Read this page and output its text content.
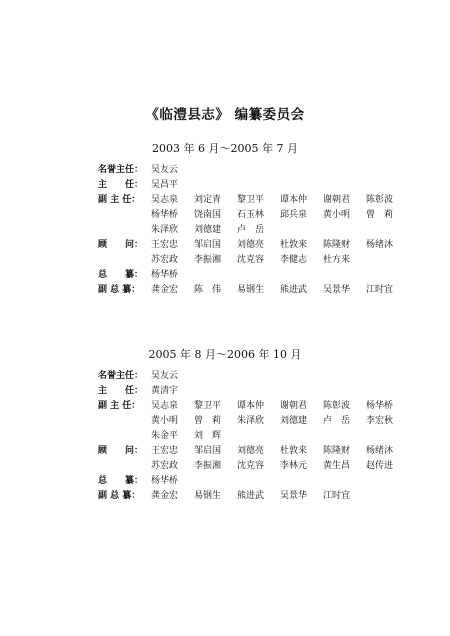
《临澧县志》 编纂委员会
2003 年 6 月～2005 年 7 月
名誉主任： 吴友云
主　　任： 吴昌平
副 主 任：	吴志泉	刘定青	黎卫平	谭本仲	谢朝君	陈彰波
杨华桥	饶南国	石玉林	邱兵泉	黄小明	曾　莉
朱泽欣	刘德建	卢　岳
顾　　问： 王宏忠	邹启国	刘德亮	杜敦来	陈隆财	杨绪沐
苏宏政	李振湘	沈克容	李健志	杜方来
总　　纂： 杨华桥
副 总 纂：	龚金宏	陈　伟	易钢生	熊进武	吴景华	江时宜
2005 年 8 月～2006 年 10 月
名誉主任： 吴友云
主　　任： 黄清宇
副 主 任：	吴志泉	黎卫平	谭本仲	谢朝君	陈彰波	杨华桥
黄小明	曾　莉	朱泽欣	刘德建	卢　岳	李宏秋
朱金平	刘　辉
顾　　问： 王宏忠	邹启国	刘德亮	杜敦来	陈隆财	杨绪沐
苏宏政	李振湘	沈克容	李林元	黄生昌	赵传进
总　　纂： 杨华桥
副 总 纂：	龚金宏	易钢生	熊进武	吴景华	江时宜
